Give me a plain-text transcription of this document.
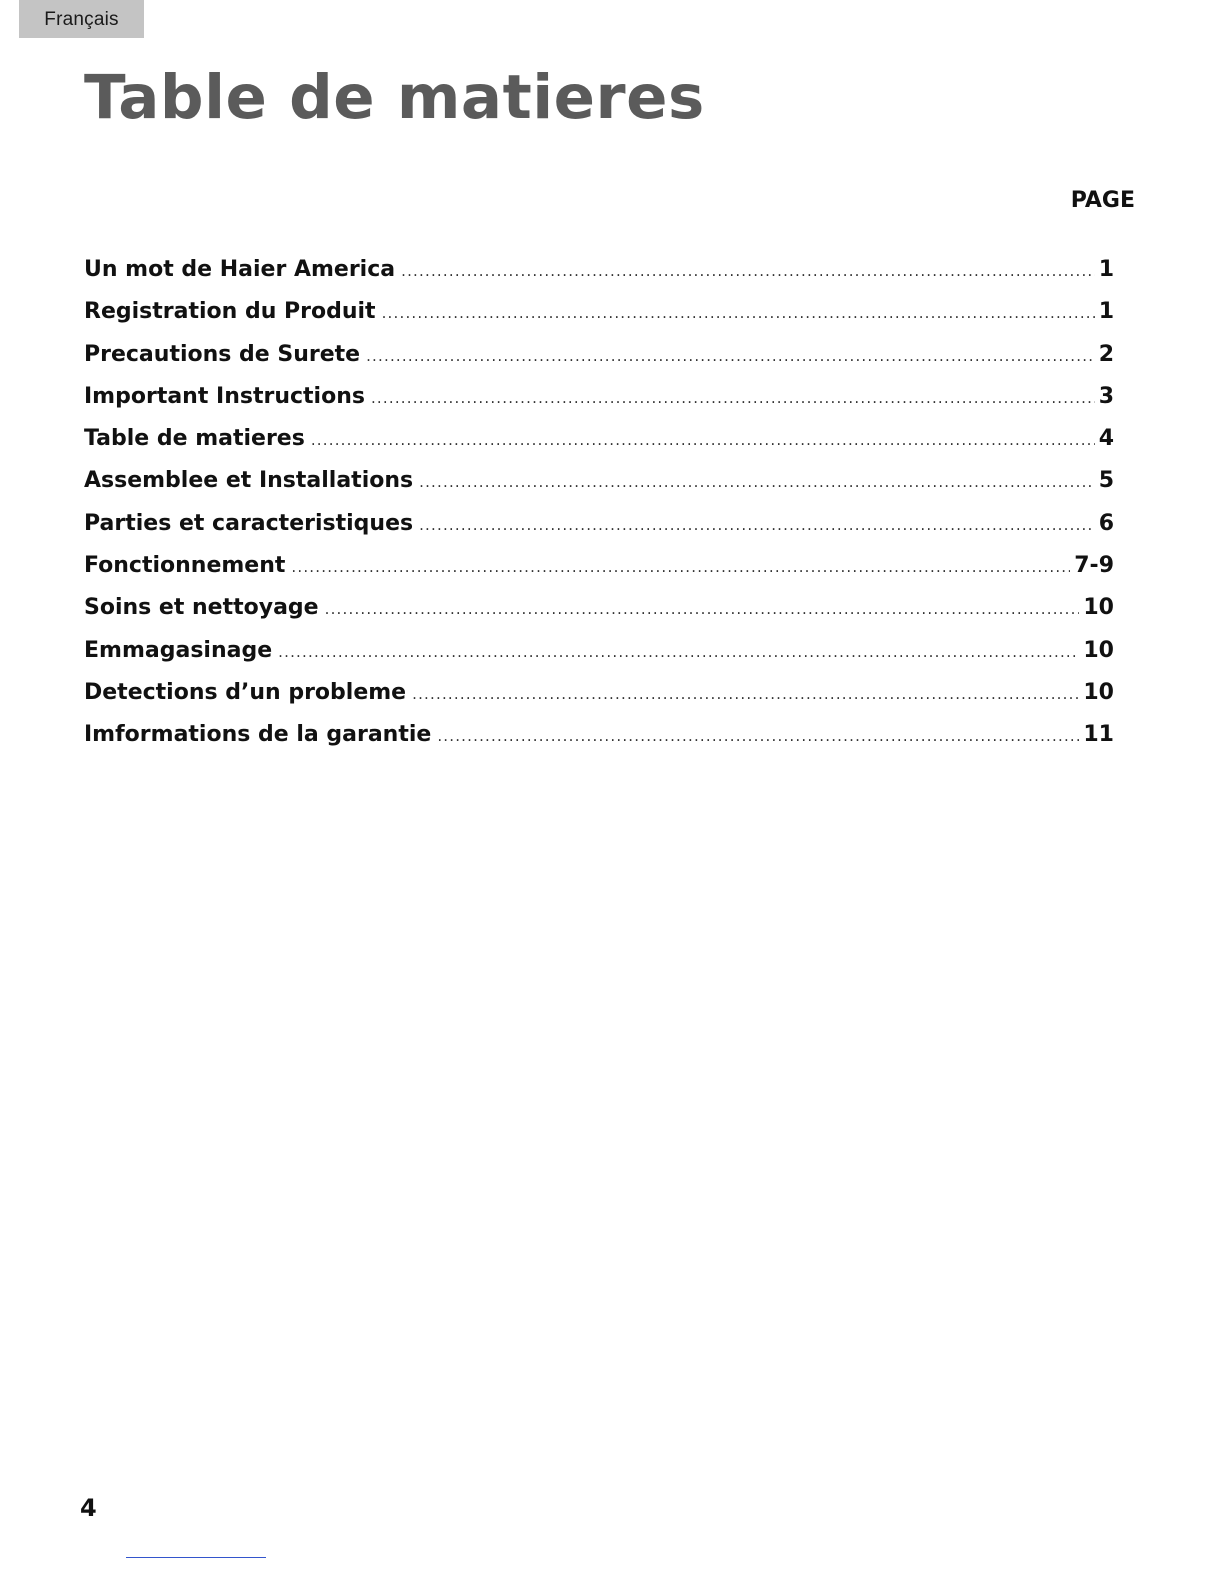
Français
Table de matieres
PAGE
Un mot de Haier America .....	1
Registration du Produit .....	1
Precautions de Surete .....	2
Important Instructions .....	3
Table de matieres .....	4
Assemblee et Installations .....	5
Parties et caracteristiques .....	6
Fonctionnement .....	7-9
Soins et nettoyage .....	10
Emmagasinage .....	10
Detections d’un probleme .....	10
Imformations de la garantie .....	11
4
